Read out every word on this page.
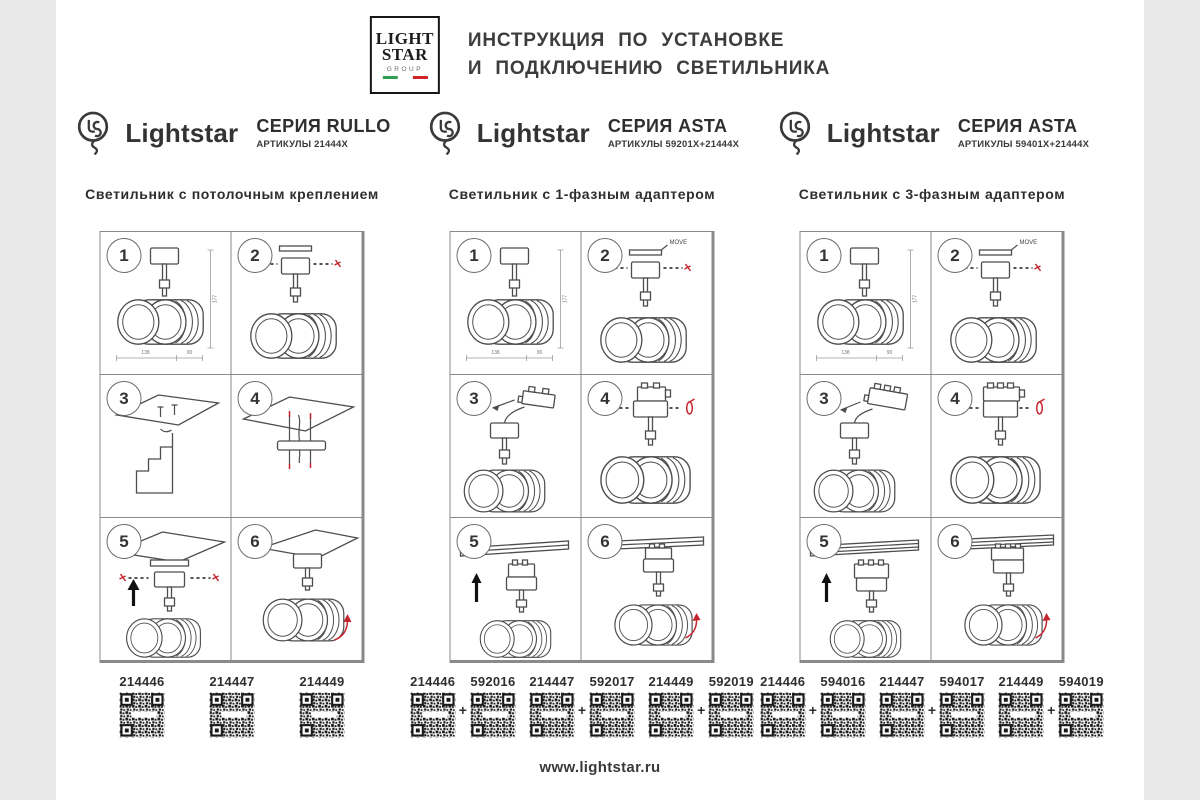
LIGHT
STAR
GROUP
ИНСТРУКЦИЯ ПО УСТАНОВКЕ
И ПОДКЛЮЧЕНИЮ СВЕТИЛЬНИКА
Lightstar СЕРИЯ RULLO
АРТИКУЛЫ 21444X
Светильник с потолочным креплением
1
177
138	90
2
3	4
5	6
214446	214447	214449
Lightstar СЕРИЯ ASTA
АРТИКУЛЫ 59201X+21444X
Светильник с 1-фазным адаптером
1
177
138	90
2
MOVE
3	4
5	6
214446
+
592016 214447
+
592017 214449
+
592019
Lightstar СЕРИЯ ASTA
АРТИКУЛЫ 59401X+21444X
Светильник с 3-фазным адаптером
1
177
138	90
2
MOVE
3	4
5	6
214446
+
594016 214447
+
594017 214449
+
594019
www.lightstar.ru
